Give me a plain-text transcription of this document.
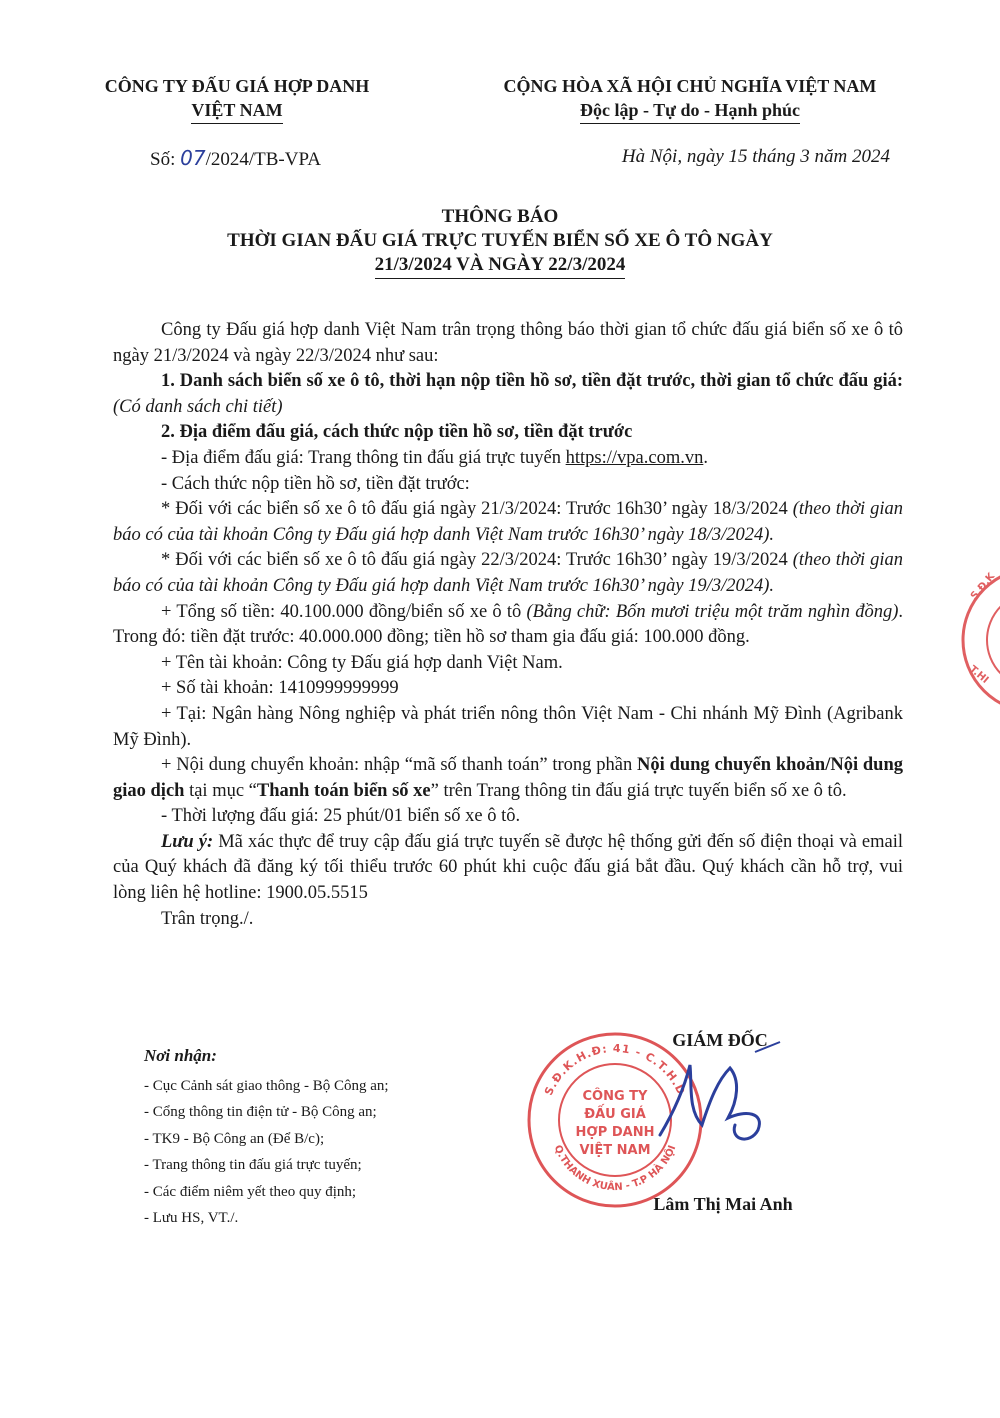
CÔNG TY ĐẤU GIÁ HỢP DANH
VIỆT NAM
CỘNG HÒA XÃ HỘI CHỦ NGHĨA VIỆT NAM
Độc lập - Tự do - Hạnh phúc
Số: 07/2024/TB-VPA	Hà Nội, ngày 15 tháng 3 năm 2024
THÔNG BÁO
THỜI GIAN ĐẤU GIÁ TRỰC TUYẾN BIỂN SỐ XE Ô TÔ NGÀY
21/3/2024 VÀ NGÀY 22/3/2024

Công ty Đấu giá hợp danh Việt Nam trân trọng thông báo thời gian tổ chức đấu giá biển số xe ô tô ngày 21/3/2024 và ngày 22/3/2024 như sau:

1. Danh sách biển số xe ô tô, thời hạn nộp tiền hồ sơ, tiền đặt trước, thời gian tổ chức đấu giá: (Có danh sách chi tiết)

2. Địa điểm đấu giá, cách thức nộp tiền hồ sơ, tiền đặt trước

- Địa điểm đấu giá: Trang thông tin đấu giá trực tuyến https://vpa.com.vn.

- Cách thức nộp tiền hồ sơ, tiền đặt trước:

* Đối với các biển số xe ô tô đấu giá ngày 21/3/2024: Trước 16h30’ ngày 18/3/2024 (theo thời gian báo có của tài khoản Công ty Đấu giá hợp danh Việt Nam trước 16h30’ ngày 18/3/2024).

* Đối với các biển số xe ô tô đấu giá ngày 22/3/2024: Trước 16h30’ ngày 19/3/2024 (theo thời gian báo có của tài khoản Công ty Đấu giá hợp danh Việt Nam trước 16h30’ ngày 19/3/2024).

+ Tổng số tiền: 40.100.000 đồng/biển số xe ô tô (Bằng chữ: Bốn mươi triệu một trăm nghìn đồng). Trong đó: tiền đặt trước: 40.000.000 đồng; tiền hồ sơ tham gia đấu giá: 100.000 đồng.

+ Tên tài khoản: Công ty Đấu giá hợp danh Việt Nam.

+ Số tài khoản: 1410999999999

+ Tại: Ngân hàng Nông nghiệp và phát triển nông thôn Việt Nam - Chi nhánh Mỹ Đình (Agribank Mỹ Đình).

+ Nội dung chuyển khoản: nhập “mã số thanh toán” trong phần Nội dung chuyển khoản/Nội dung giao dịch tại mục “Thanh toán biển số xe” trên Trang thông tin đấu giá trực tuyến biển số xe ô tô.

- Thời lượng đấu giá: 25 phút/01 biển số xe ô tô.

Lưu ý: Mã xác thực để truy cập đấu giá trực tuyến sẽ được hệ thống gửi đến số điện thoại và email của Quý khách đã đăng ký tối thiểu trước 60 phút khi cuộc đấu giá bắt đầu. Quý khách cần hỗ trợ, vui lòng liên hệ hotline: 1900.05.5515

Trân trọng./.

Nơi nhận:
- Cục Cảnh sát giao thông - Bộ Công an;
- Cổng thông tin điện tử - Bộ Công an;
- TK9 - Bộ Công an (Để B/c);
- Trang thông tin đấu giá trực tuyến;
- Các điểm niêm yết theo quy định;
- Lưu HS, VT./.
GIÁM ĐỐC
Lâm Thị Mai Anh
S.Đ.K.H.Đ: 41 - C.T.H.D
Q.THANH XUÂN - T.P HÀ NỘI
CÔNG TY
ĐẤU GIÁ
HỢP DANH
VIỆT NAM
S.Đ.K
T.HI
